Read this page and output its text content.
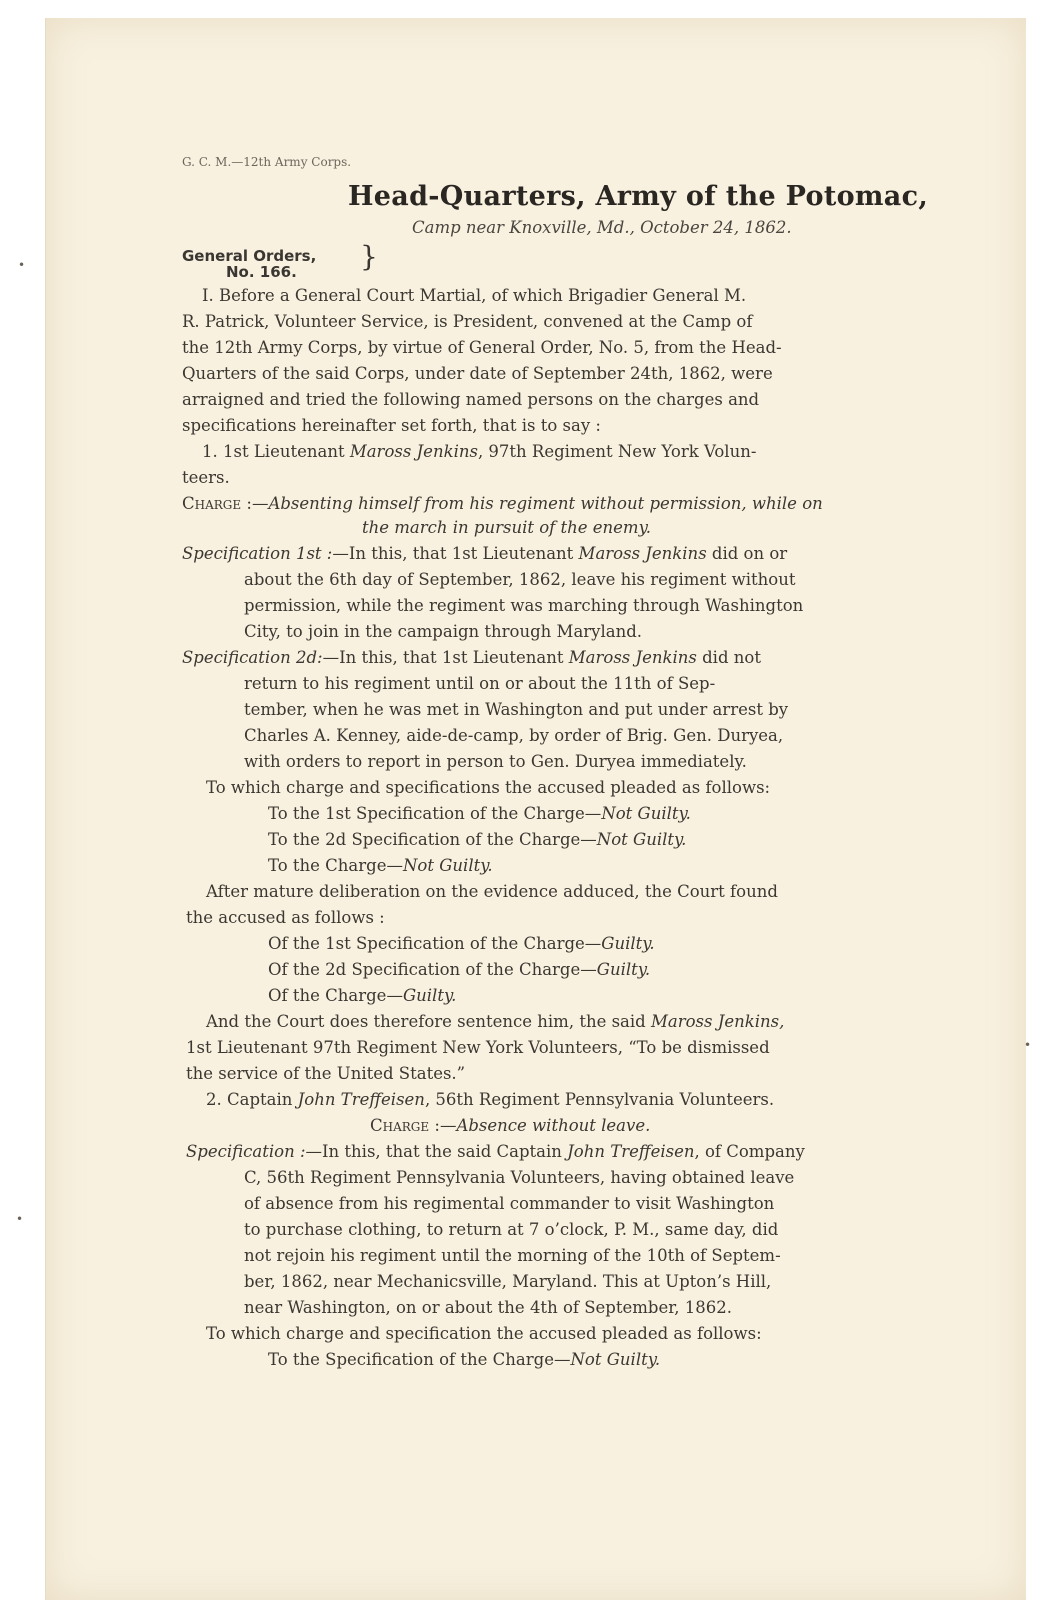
G. C. M.—12th Army Corps.
Head-Quarters, Army of the Potomac,
Camp near Knoxville, Md., October 24, 1862.
General Orders,
No. 166. }
I. Before a General Court Martial, of which Brigadier General M.
R. Patrick, Volunteer Service, is President, convened at the Camp of
the 12th Army Corps, by virtue of General Order, No. 5, from the Head-
Quarters of the said Corps, under date of September 24th, 1862, were
arraigned and tried the following named persons on the charges and
specifications hereinafter set forth, that is to say :
1. 1st Lieutenant Maross Jenkins, 97th Regiment New York Volun-
teers.
Charge :—Absenting himself from his regiment without permission, while on
the march in pursuit of the enemy.
Specification 1st :—In this, that 1st Lieutenant Maross Jenkins did on or
about the 6th day of September, 1862, leave his regiment without
permission, while the regiment was marching through Washington
City, to join in the campaign through Maryland.
Specification 2d:—In this, that 1st Lieutenant Maross Jenkins did not
return to his regiment until on or about the 11th of Sep-
tember, when he was met in Washington and put under arrest by
Charles A. Kenney, aide-de-camp, by order of Brig. Gen. Duryea,
with orders to report in person to Gen. Duryea immediately.
To which charge and specifications the accused pleaded as follows:
To the 1st Specification of the Charge—Not Guilty.
To the 2d Specification of the Charge—Not Guilty.
To the Charge—Not Guilty.
After mature deliberation on the evidence adduced, the Court found
the accused as follows :
Of the 1st Specification of the Charge—Guilty.
Of the 2d Specification of the Charge—Guilty.
Of the Charge—Guilty.
And the Court does therefore sentence him, the said Maross Jenkins,
1st Lieutenant 97th Regiment New York Volunteers, “To be dismissed
the service of the United States.”
2. Captain John Treffeisen, 56th Regiment Pennsylvania Volunteers.
Charge :—Absence without leave.
Specification :—In this, that the said Captain John Treffeisen, of Company
C, 56th Regiment Pennsylvania Volunteers, having obtained leave
of absence from his regimental commander to visit Washington
to purchase clothing, to return at 7 o’clock, P. M., same day, did
not rejoin his regiment until the morning of the 10th of Septem-
ber, 1862, near Mechanicsville, Maryland. This at Upton’s Hill,
near Washington, on or about the 4th of September, 1862.
To which charge and specification the accused pleaded as follows:
To the Specification of the Charge—Not Guilty.
•
•
•
